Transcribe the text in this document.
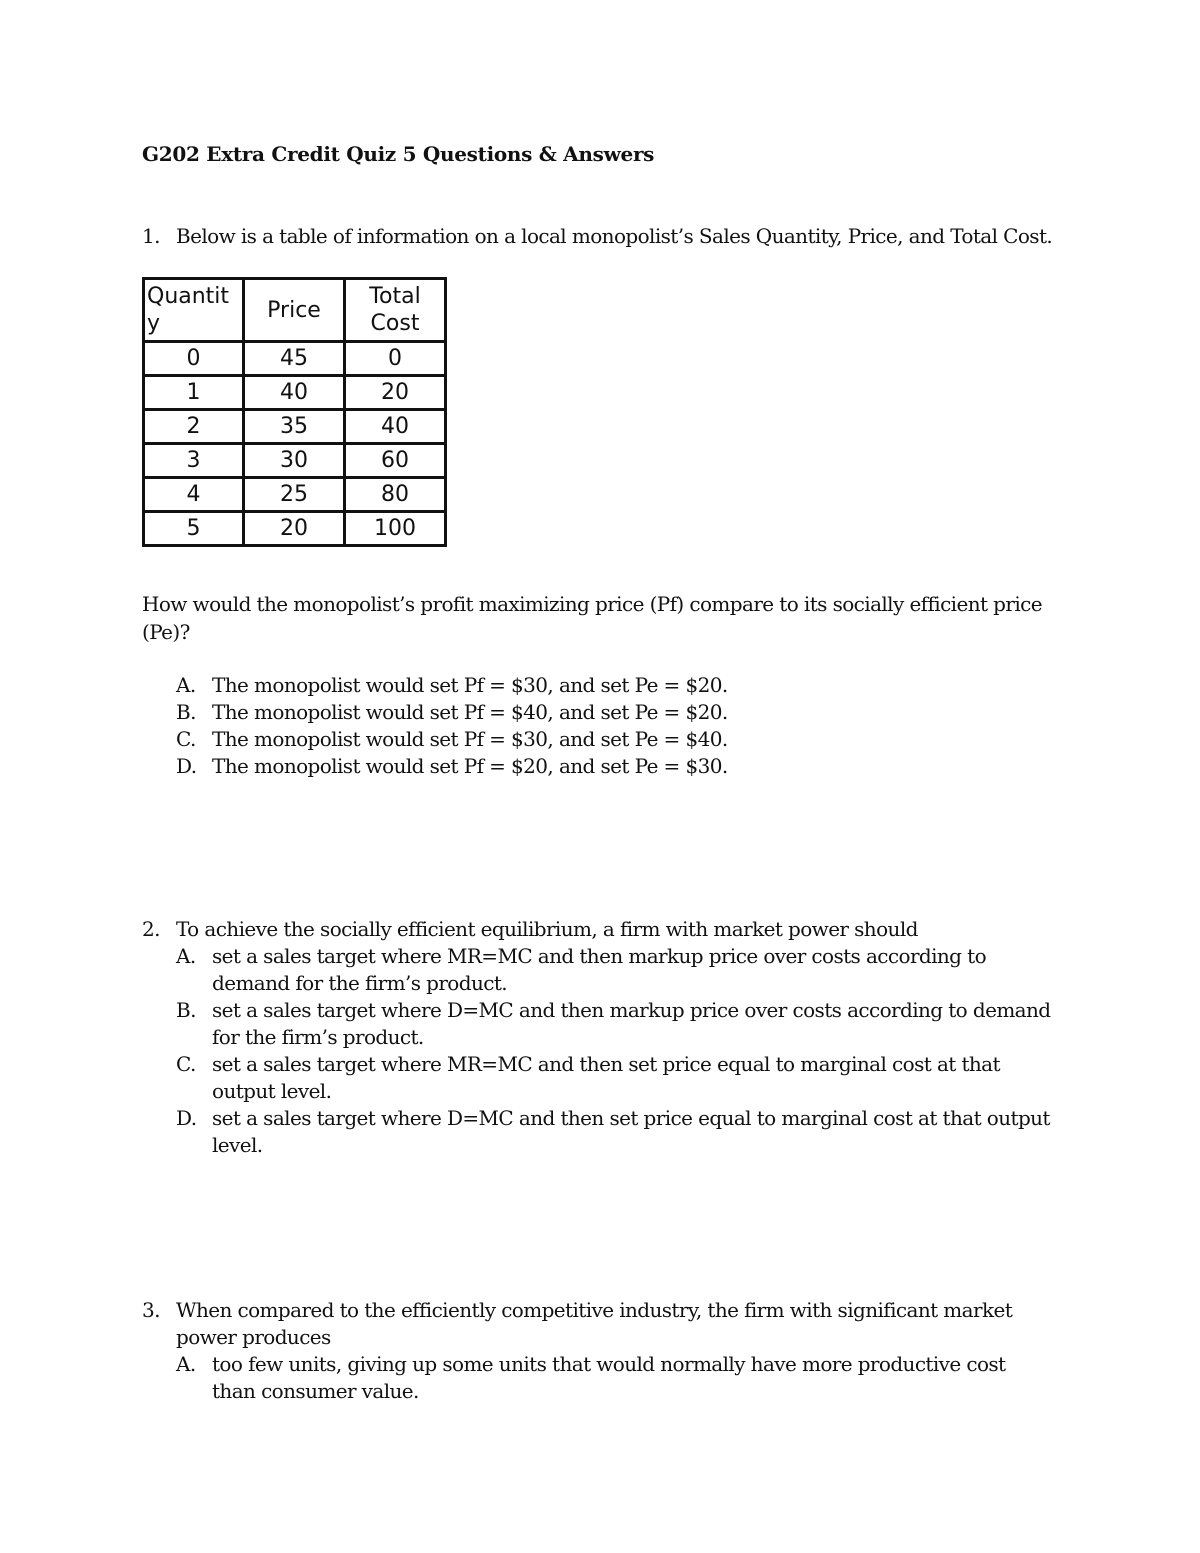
G202 Extra Credit Quiz 5 Questions & Answers
1. Below is a table of information on a local monopolist’s Sales Quantity, Price, and Total Cost.
Quantity	Price	Total Cost
0	45	0
1	40	20
2	35	40
3	30	60
4	25	80
5	20	100
How would the monopolist’s profit maximizing price (Pf) compare to its socially efficient price (Pe)?
A. The monopolist would set Pf = $30, and set Pe = $20.
B. The monopolist would set Pf = $40, and set Pe = $20.
C. The monopolist would set Pf = $30, and set Pe = $40.
D. The monopolist would set Pf = $20, and set Pe = $30.
2. To achieve the socially efficient equilibrium, a firm with market power should
A. set a sales target where MR=MC and then markup price over costs according to demand for the firm’s product.
B. set a sales target where D=MC and then markup price over costs according to demand for the firm’s product.
C. set a sales target where MR=MC and then set price equal to marginal cost at that output level.
D. set a sales target where D=MC and then set price equal to marginal cost at that output level.
3. When compared to the efficiently competitive industry, the firm with significant market power produces
A. too few units, giving up some units that would normally have more productive cost than consumer value.
